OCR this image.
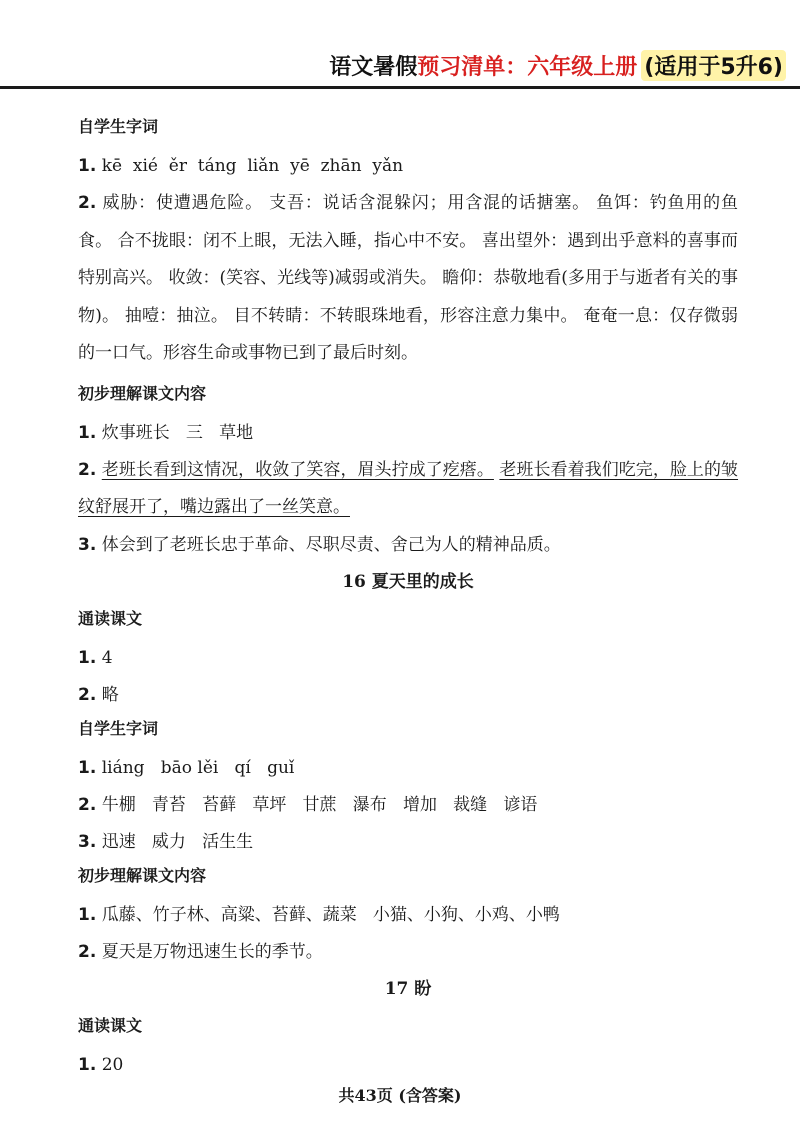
语文暑假 预习清单：六年级上册 (适用于5升6)
自学生字词
1. kē  xié  ěr  táng  liǎn  yē  zhān  yǎn

2. 威胁：使遭遇危险。 支吾：说话含混躲闪；用含混的话搪塞。 鱼饵：钓鱼用的鱼食。 合不拢眼：闭不上眼，无法入睡，指心中不安。 喜出望外：遇到出乎意料的喜事而特别高兴。 收敛：(笑容、光线等)减弱或消失。 瞻仰：恭敬地看(多用于与逝者有关的事物)。 抽噎：抽泣。 目不转睛：不转眼珠地看，形容注意力集中。 奄奄一息：仅存微弱的一口气。形容生命或事物已到了最后时刻。

初步理解课文内容
1. 炊事班长   三   草地

2. 老班长看到这情况，收敛了笑容，眉头拧成了疙瘩。 老班长看着我们吃完，脸上的皱纹舒展开了，嘴边露出了一丝笑意。

3. 体会到了老班长忠于革命、尽职尽责、舍己为人的精神品质。
16 夏天里的成长
通读课文
1. 4
2. 略
自学生字词
1. liáng   bāo lěi   qí   guǐ
2. 牛棚   青苔   苔藓   草坪   甘蔗   瀑布   增加   裁缝   谚语
3. 迅速   威力   活生生
初步理解课文内容
1. 瓜藤、竹子林、高粱、苔藓、蔬菜   小猫、小狗、小鸡、小鸭
2. 夏天是万物迅速生长的季节。
17 盼
通读课文
1. 20
共43页 (含答案)
